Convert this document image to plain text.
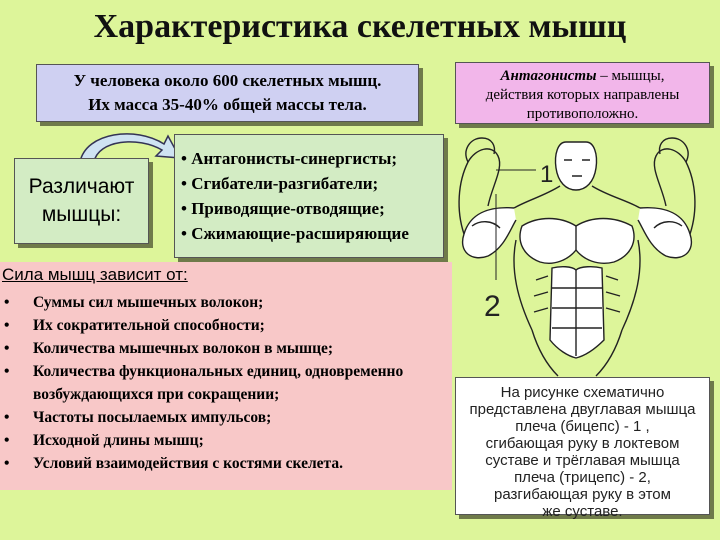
Характеристика скелетных мышц
У человека около 600 скелетных мышц.
Их масса 35-40% общей массы тела.
Антагонисты – мышцы,
действия которых направлены
противоположно.
Различают
мышцы:
• Антагонисты-синергисты;
• Сгибатели-разгибатели;
• Приводящие-отводящие;
• Сжимающие-расширяющие
Сила мышц зависит от:
• Суммы сил мышечных волокон;
• Их сократительной способности;
• Количества мышечных волокон в мышце;
• Количества функциональных единиц, одновременно возбуждающихся при сокращении;
• Частоты посылаемых импульсов;
• Исходной длины мышц;
• Условий взаимодействия с костями скелета.
1
2
На рисунке схематично
представлена двуглавая мышца
плеча (бицепс) - 1 ,
сгибающая руку в локтевом
суставе и трёглавая мышца
плеча (трицепс) - 2,
разгибающая руку в этом
же суставе.
